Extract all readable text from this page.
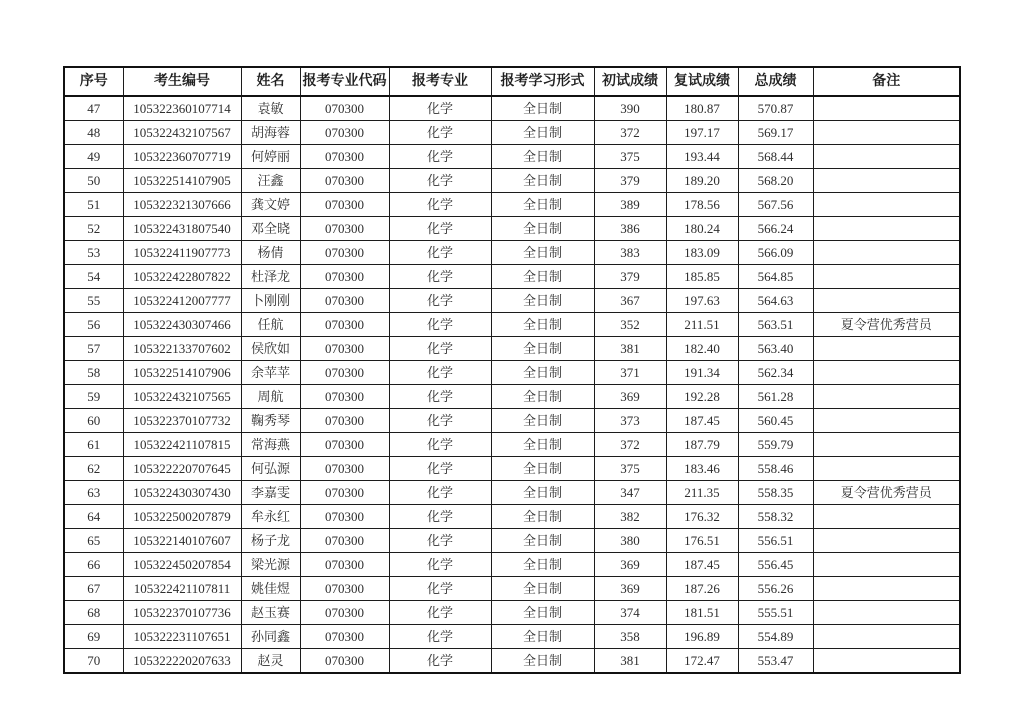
序号	考生编号	姓名	报考专业代码	报考专业	报考学习形式	初试成绩	复试成绩	总成绩	备注
47	105322360107714	袁敏	070300	化学	全日制	390	180.87	570.87	
48	105322432107567	胡海蓉	070300	化学	全日制	372	197.17	569.17	
49	105322360707719	何婷丽	070300	化学	全日制	375	193.44	568.44	
50	105322514107905	汪鑫	070300	化学	全日制	379	189.20	568.20	
51	105322321307666	龚文婷	070300	化学	全日制	389	178.56	567.56	
52	105322431807540	邓全晓	070300	化学	全日制	386	180.24	566.24	
53	105322411907773	杨倩	070300	化学	全日制	383	183.09	566.09	
54	105322422807822	杜泽龙	070300	化学	全日制	379	185.85	564.85	
55	105322412007777	卜刚刚	070300	化学	全日制	367	197.63	564.63	
56	105322430307466	任航	070300	化学	全日制	352	211.51	563.51	夏令营优秀营员
57	105322133707602	侯欣如	070300	化学	全日制	381	182.40	563.40	
58	105322514107906	余苹苹	070300	化学	全日制	371	191.34	562.34	
59	105322432107565	周航	070300	化学	全日制	369	192.28	561.28	
60	105322370107732	鞠秀琴	070300	化学	全日制	373	187.45	560.45	
61	105322421107815	常海燕	070300	化学	全日制	372	187.79	559.79	
62	105322220707645	何弘源	070300	化学	全日制	375	183.46	558.46	
63	105322430307430	李嘉雯	070300	化学	全日制	347	211.35	558.35	夏令营优秀营员
64	105322500207879	牟永红	070300	化学	全日制	382	176.32	558.32	
65	105322140107607	杨子龙	070300	化学	全日制	380	176.51	556.51	
66	105322450207854	梁光源	070300	化学	全日制	369	187.45	556.45	
67	105322421107811	姚佳煜	070300	化学	全日制	369	187.26	556.26	
68	105322370107736	赵玉赛	070300	化学	全日制	374	181.51	555.51	
69	105322231107651	孙同鑫	070300	化学	全日制	358	196.89	554.89	
70	105322220207633	赵灵	070300	化学	全日制	381	172.47	553.47	
